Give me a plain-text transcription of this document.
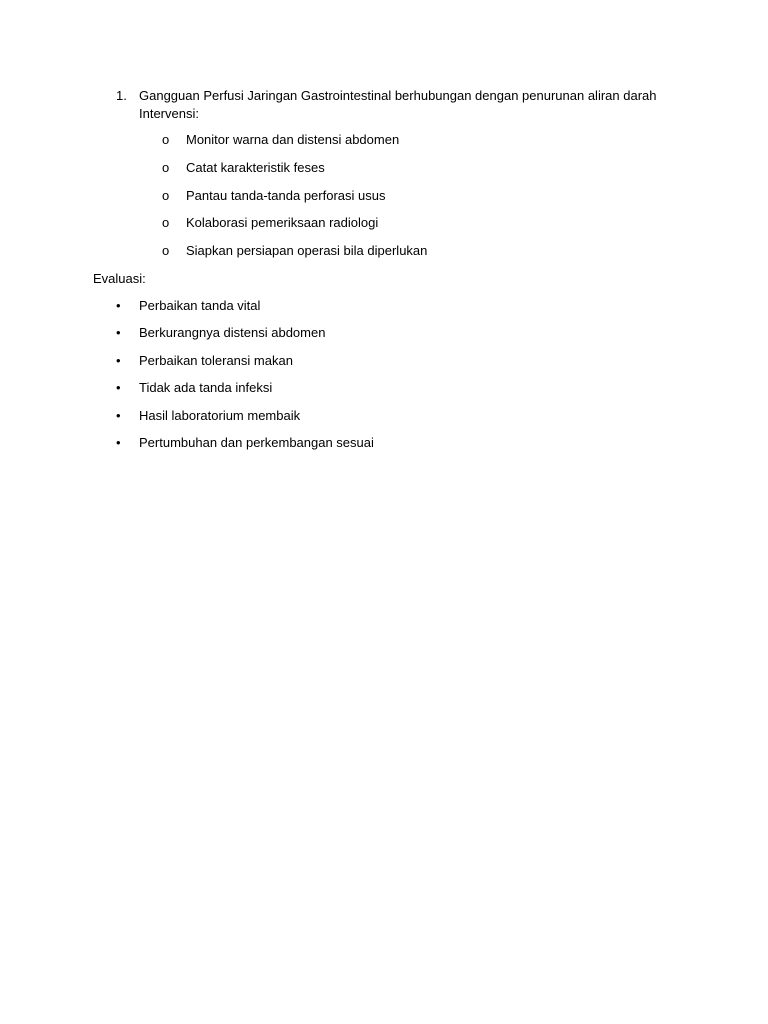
1. Gangguan Perfusi Jaringan Gastrointestinal berhubungan dengan penurunan aliran darah
Intervensi:
o Monitor warna dan distensi abdomen
o Catat karakteristik feses
o Pantau tanda-tanda perforasi usus
o Kolaborasi pemeriksaan radiologi
o Siapkan persiapan operasi bila diperlukan
Evaluasi:
• Perbaikan tanda vital
• Berkurangnya distensi abdomen
• Perbaikan toleransi makan
• Tidak ada tanda infeksi
• Hasil laboratorium membaik
• Pertumbuhan dan perkembangan sesuai
